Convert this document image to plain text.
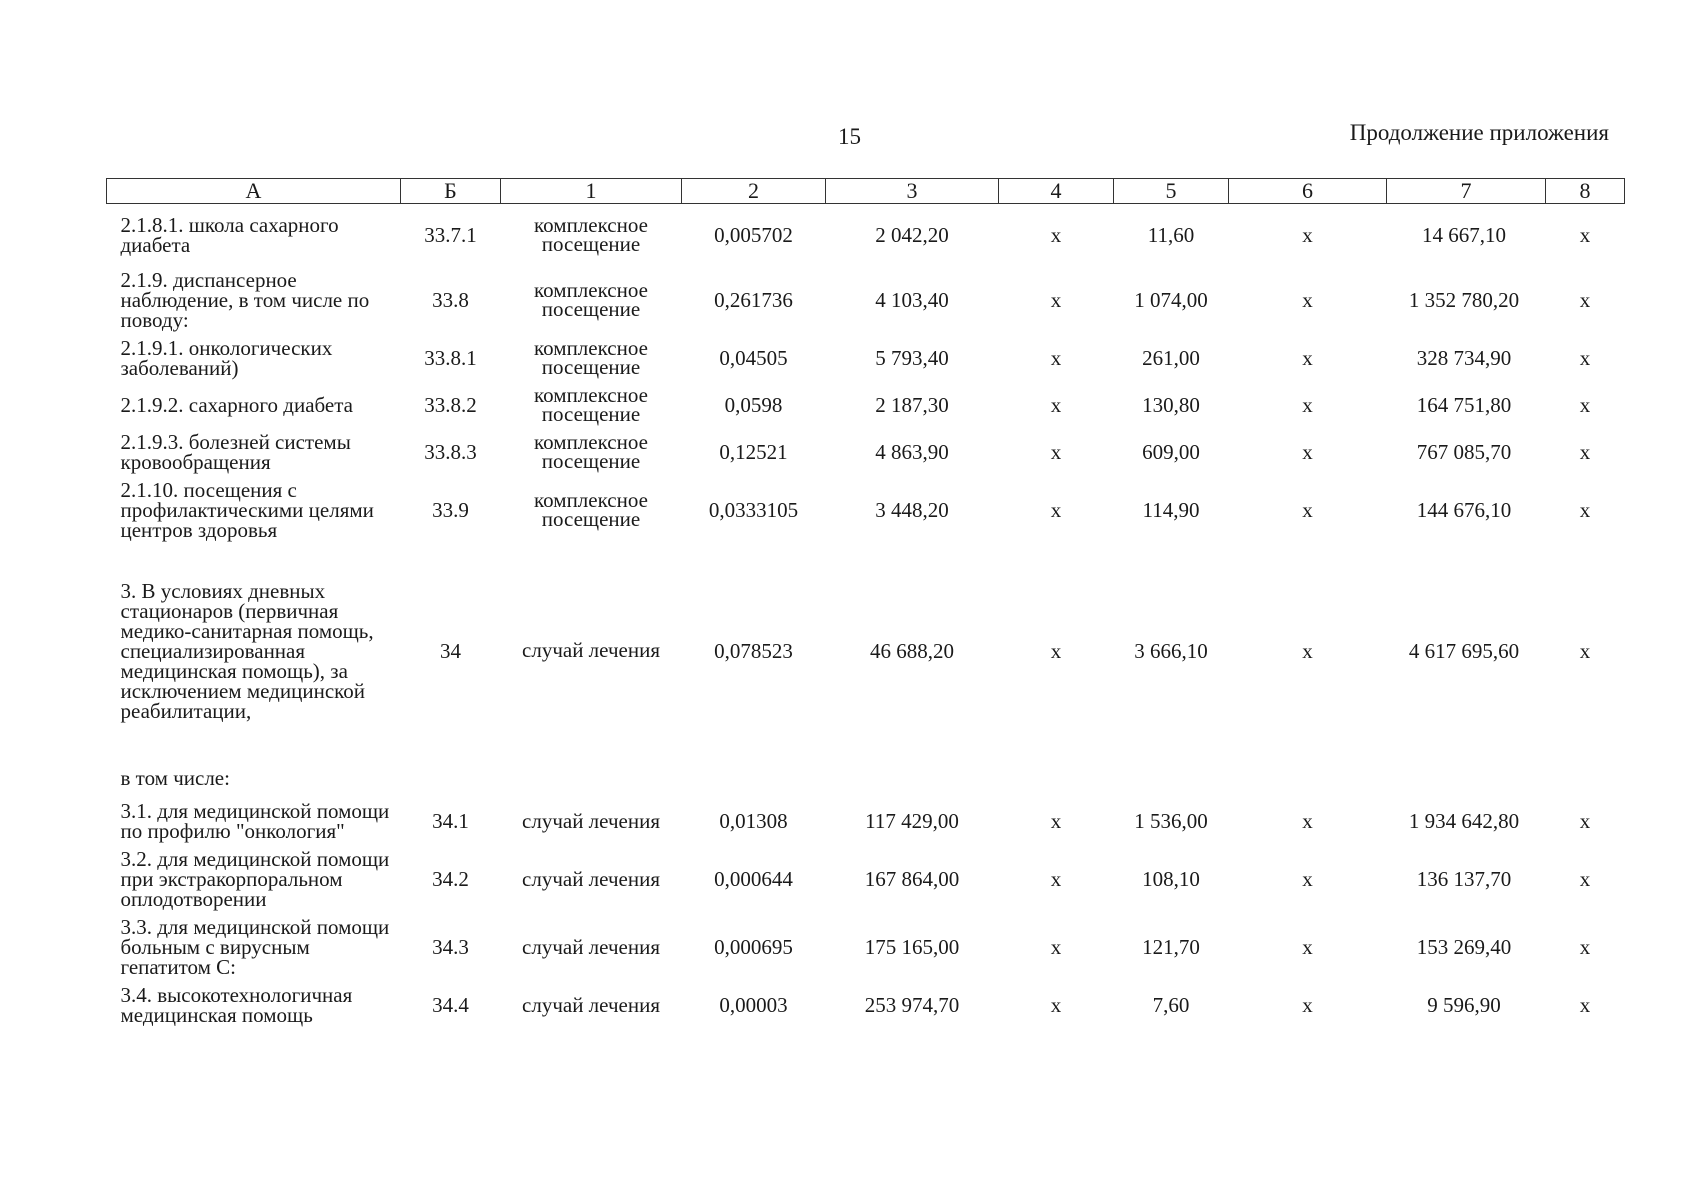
15	Продолжение приложения
А	Б	1	2	3	4	5	6	7	8
2.1.8.1. школа сахарного диабета	33.7.1	комплексное посещение	0,005702	2 042,20	x	11,60	x	14 667,10	x
2.1.9. диспансерное наблюдение, в том числе по поводу:	33.8	комплексное посещение	0,261736	4 103,40	x	1 074,00	x	1 352 780,20	x
2.1.9.1. онкологических заболеваний)	33.8.1	комплексное посещение	0,04505	5 793,40	x	261,00	x	328 734,90	x
2.1.9.2. сахарного диабета	33.8.2	комплексное посещение	0,0598	2 187,30	x	130,80	x	164 751,80	x
2.1.9.3. болезней системы кровообращения	33.8.3	комплексное посещение	0,12521	4 863,90	x	609,00	x	767 085,70	x
2.1.10. посещения с профилактическими целями центров здоровья	33.9	комплексное посещение	0,0333105	3 448,20	x	114,90	x	144 676,10	x
3. В условиях дневных стационаров (первичная медико-санитарная помощь, специализированная медицинская помощь), за исключением медицинской реабилитации,	34	случай лечения	0,078523	46 688,20	x	3 666,10	x	4 617 695,60	x
в том числе:									
3.1. для медицинской помощи по профилю "онкология"	34.1	случай лечения	0,01308	117 429,00	x	1 536,00	x	1 934 642,80	x
3.2. для медицинской помощи при экстракорпоральном оплодотворении	34.2	случай лечения	0,000644	167 864,00	x	108,10	x	136 137,70	x
3.3. для медицинской помощи больным с вирусным гепатитом С:	34.3	случай лечения	0,000695	175 165,00	x	121,70	x	153 269,40	x
3.4. высокотехнологичная медицинская помощь	34.4	случай лечения	0,00003	253 974,70	x	7,60	x	9 596,90	x
